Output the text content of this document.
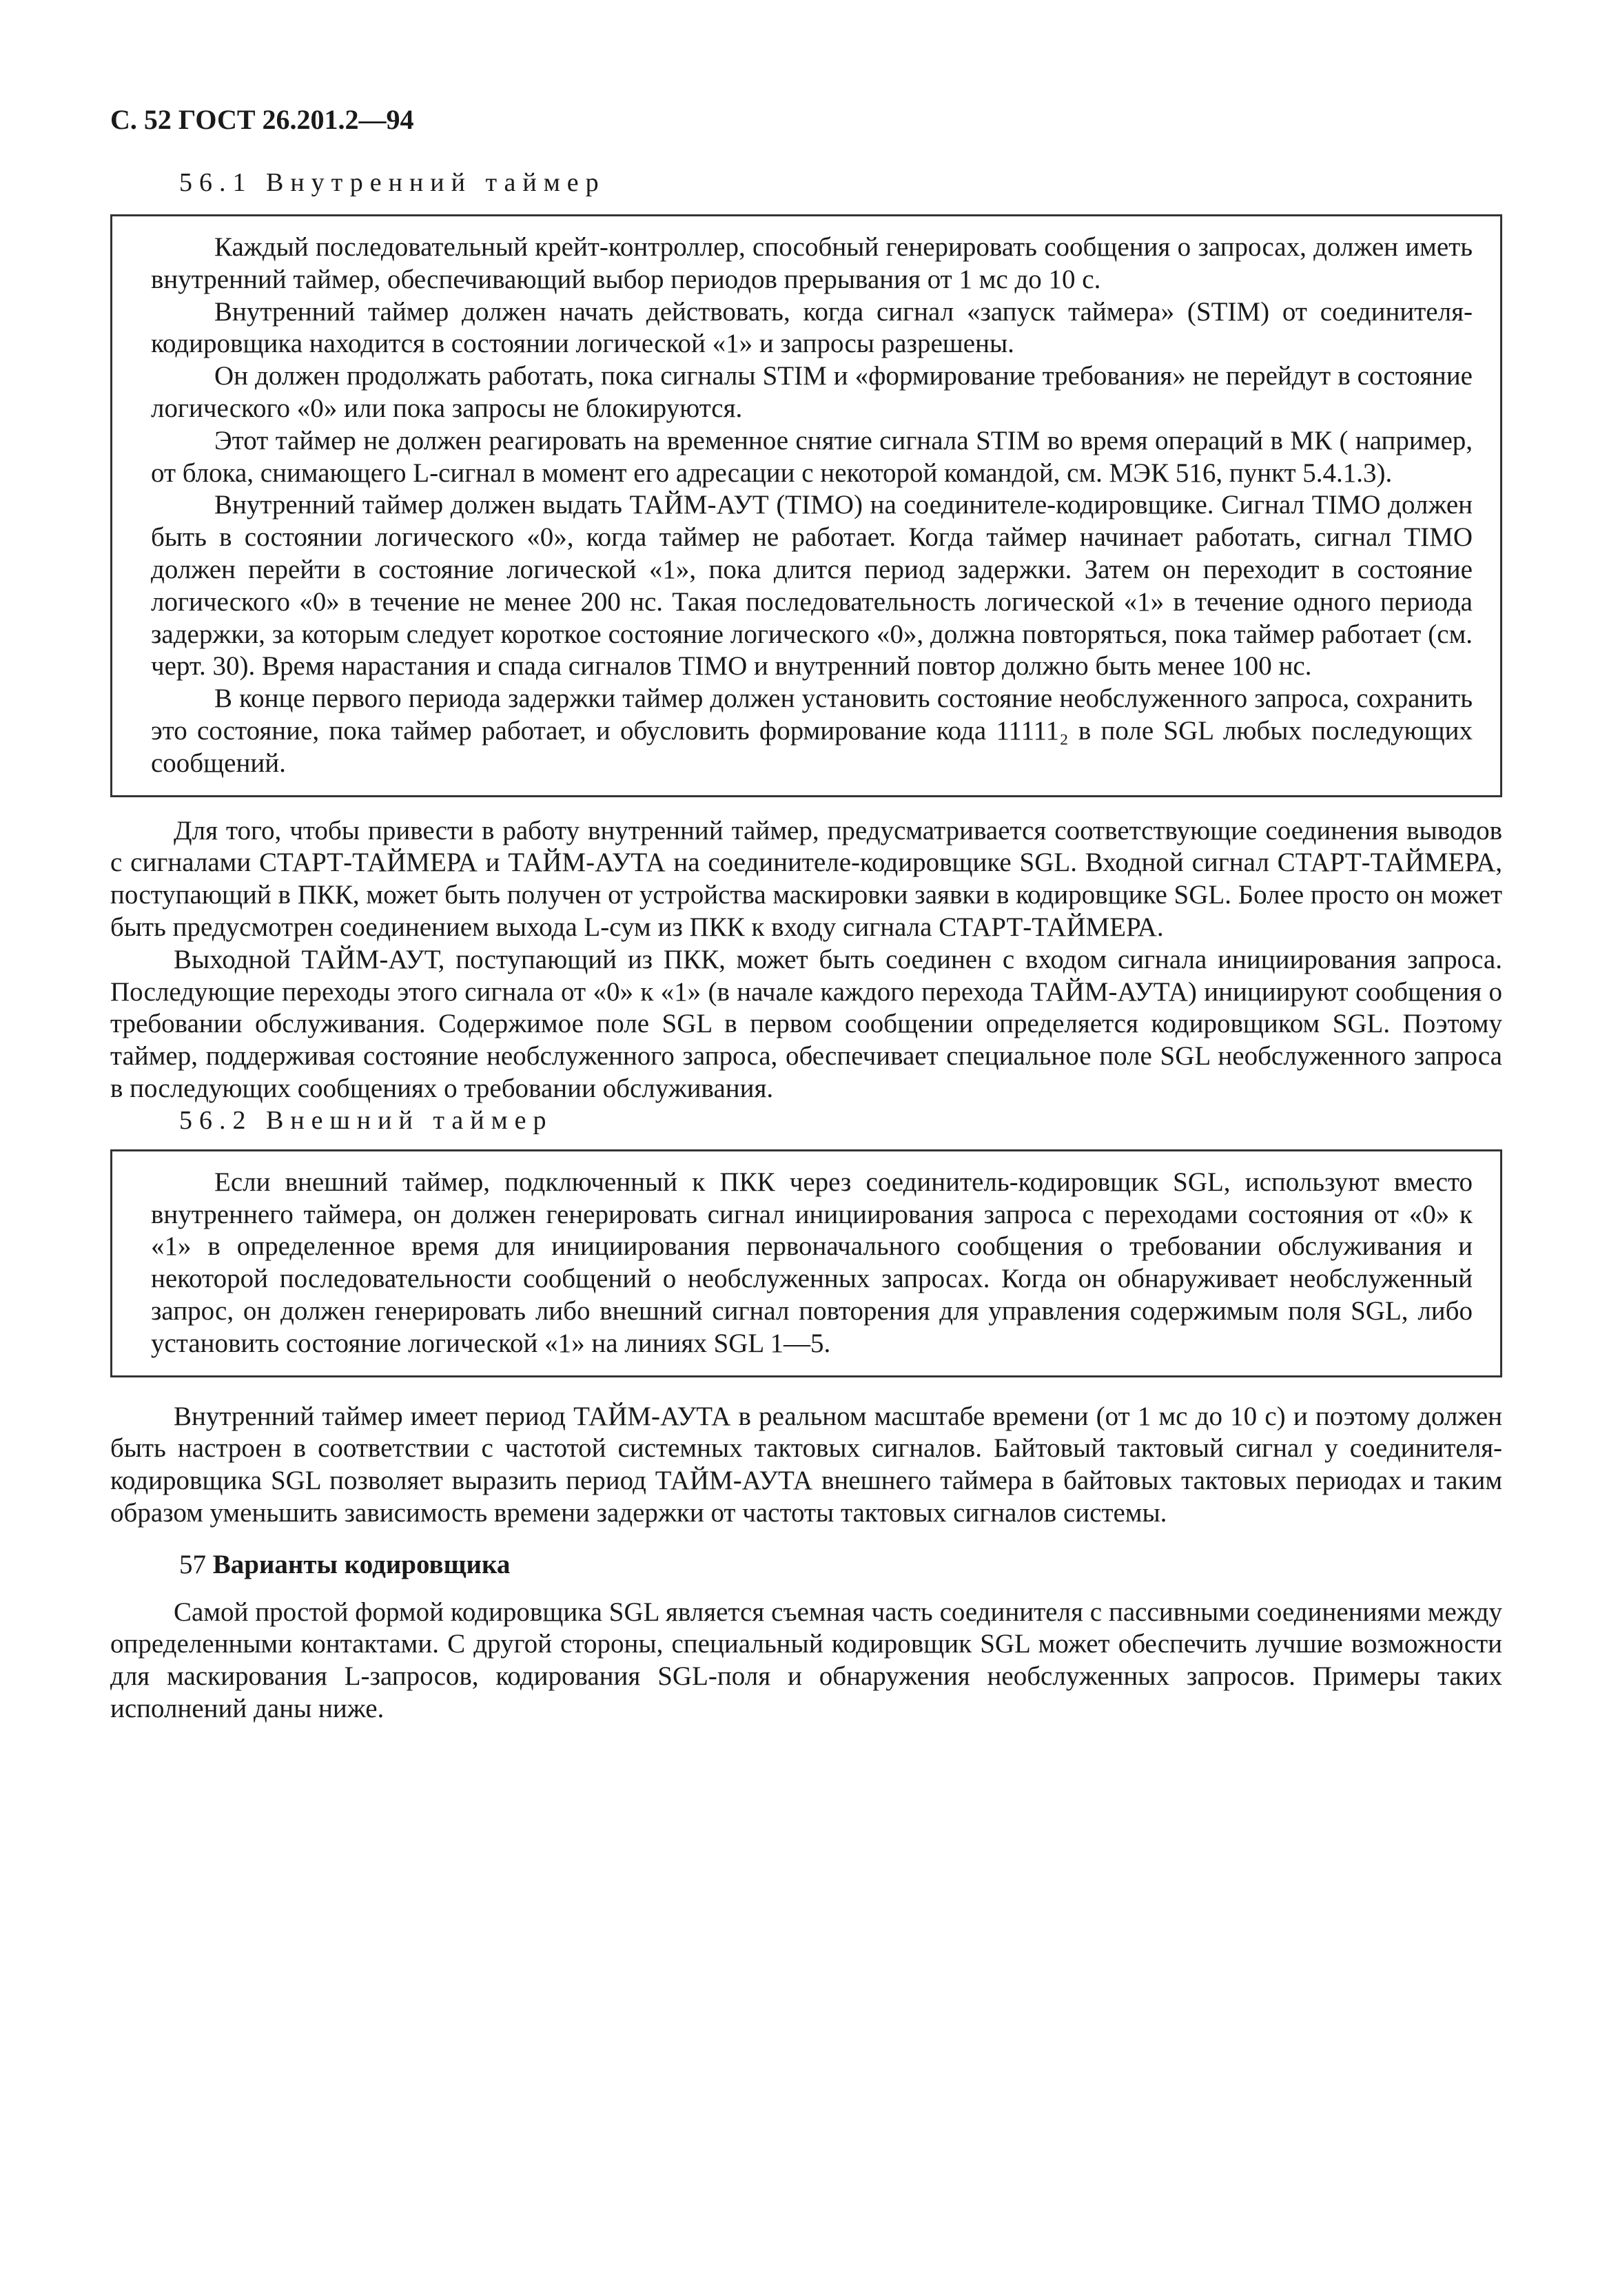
С. 52 ГОСТ 26.201.2—94
56.1 Внутренний таймер

Каждый последовательный крейт-контроллер, способный генерировать сообщения о запросах, должен иметь внутренний таймер, обеспечивающий выбор периодов прерывания от 1 мс до 10 с.

Внутренний таймер должен начать действовать, когда сигнал «запуск таймера» (STIM) от соединителя-кодировщика находится в состоянии логической «1» и запросы разрешены.

Он должен продолжать работать, пока сигналы STIM и «формирование требования» не перейдут в состояние логического «0» или пока запросы не блокируются.

Этот таймер не должен реагировать на временное снятие сигнала STIM во время операций в МК ( например, от блока, снимающего L-сигнал в момент его адресации с некоторой командой, см. МЭК 516, пункт 5.4.1.3).

Внутренний таймер должен выдать ТАЙМ-АУТ (TIMO) на соединителе-кодировщике. Сигнал TIMO должен быть в состоянии логического «0», когда таймер не работает. Когда таймер начинает работать, сигнал TIMO должен перейти в состояние логической «1», пока длится период задержки. Затем он переходит в состояние логического «0» в течение не менее 200 нс. Такая последовательность логической «1» в течение одного периода задержки, за которым следует короткое состояние логического «0», должна повторяться, пока таймер работает (см. черт. 30). Время нарастания и спада сигналов TIMO и внутренний повтор должно быть менее 100 нс.

В конце первого периода задержки таймер должен установить состояние необслуженного запроса, сохранить это состояние, пока таймер работает, и обусловить формирование кода 11111₂ в поле SGL любых последующих сообщений.

Для того, чтобы привести в работу внутренний таймер, предусматривается соответствующие соединения выводов с сигналами СТАРТ-ТАЙМЕРА и ТАЙМ-АУТА на соединителе-кодировщике SGL. Входной сигнал СТАРТ-ТАЙМЕРА, поступающий в ПКК, может быть получен от устройства маскировки заявки в кодировщике SGL. Более просто он может быть предусмотрен соединением выхода L-сум из ПКК к входу сигнала СТАРТ-ТАЙМЕРА.

Выходной ТАЙМ-АУТ, поступающий из ПКК, может быть соединен с входом сигнала инициирования запроса. Последующие переходы этого сигнала от «0» к «1» (в начале каждого перехода ТАЙМ-АУТА) инициируют сообщения о требовании обслуживания. Содержимое поле SGL в первом сообщении определяется кодировщиком SGL. Поэтому таймер, поддерживая состояние необслуженного запроса, обеспечивает специальное поле SGL необслуженного запроса в последующих сообщениях о требовании обслуживания.

56.2 Внешний таймер

Если внешний таймер, подключенный к ПКК через соединитель-кодировщик SGL, используют вместо внутреннего таймера, он должен генерировать сигнал инициирования запроса с переходами состояния от «0» к «1» в определенное время для инициирования первоначального сообщения о требовании обслуживания и некоторой последовательности сообщений о необслуженных запросах. Когда он обнаруживает необслуженный запрос, он должен генерировать либо внешний сигнал повторения для управления содержимым поля SGL, либо установить состояние логической «1» на линиях SGL 1—5.

Внутренний таймер имеет период ТАЙМ-АУТА в реальном масштабе времени (от 1 мс до 10 с) и поэтому должен быть настроен в соответствии с частотой системных тактовых сигналов. Байтовый тактовый сигнал у соединителя-кодировщика SGL позволяет выразить период ТАЙМ-АУТА внешнего таймера в байтовых тактовых периодах и таким образом уменьшить зависимость времени задержки от частоты тактовых сигналов системы.

57 Варианты кодировщика

Самой простой формой кодировщика SGL является съемная часть соединителя с пассивными соединениями между определенными контактами. С другой стороны, специальный кодировщик SGL может обеспечить лучшие возможности для маскирования L-запросов, кодирования SGL-поля и обнаружения необслуженных запросов. Примеры таких исполнений даны ниже.
